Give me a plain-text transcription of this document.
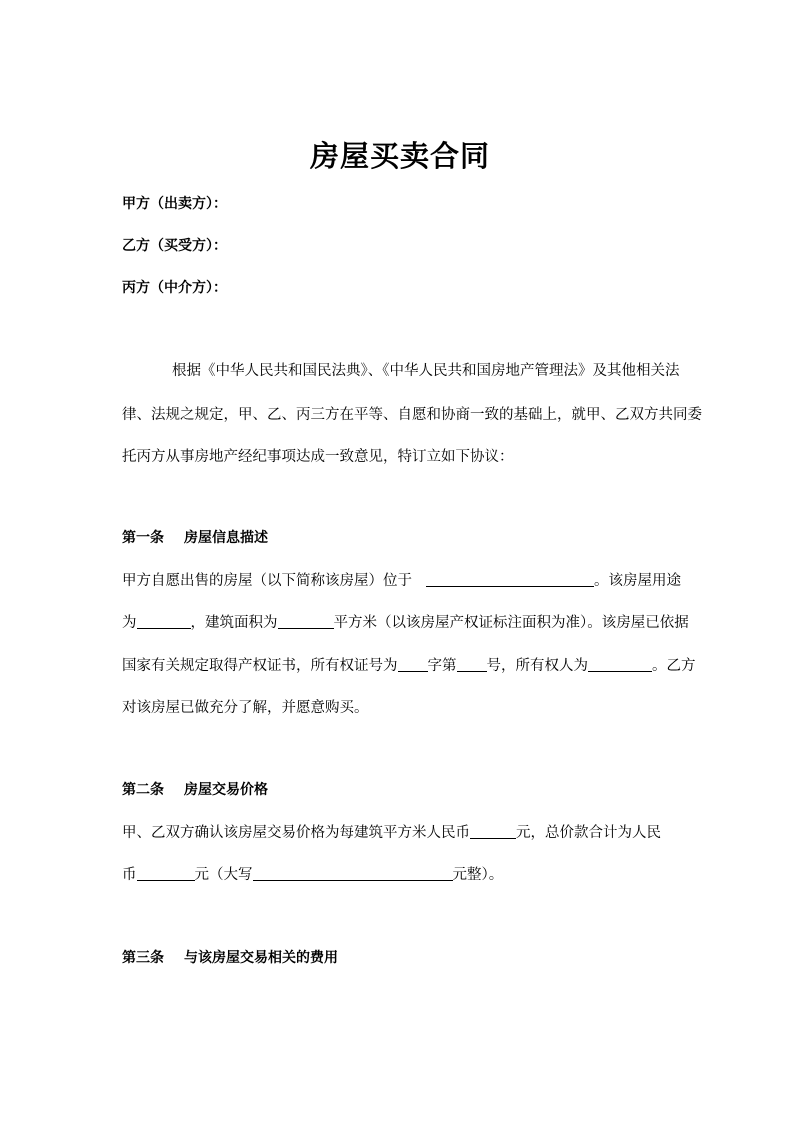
房屋买卖合同
甲方（出卖方）：
乙方（买受方）：
丙方（中介方）：
根据《中华人民共和国民法典》、《中华人民共和国房地产管理法》及其他相关法
律、法规之规定，甲、乙、丙三方在平等、自愿和协商一致的基础上，就甲、乙双方共同委
托丙方从事房地产经纪事项达成一致意见，特订立如下协议：
第一条 房屋信息描述
甲方自愿出售的房屋（以下简称该房屋）位于	。该房屋用途
为	，建筑面积为	平方米（以该房屋产权证标注面积为准）。该房屋已依据
国家有关规定取得产权证书，所有权证号为 字第 号，所有权人为	。乙方
对该房屋已做充分了解，并愿意购买。
第二条 房屋交易价格
甲、乙双方确认该房屋交易价格为每建筑平方米人民币	元，总价款合计为人民
币	元（大写	元整）。
第三条 与该房屋交易相关的费用
